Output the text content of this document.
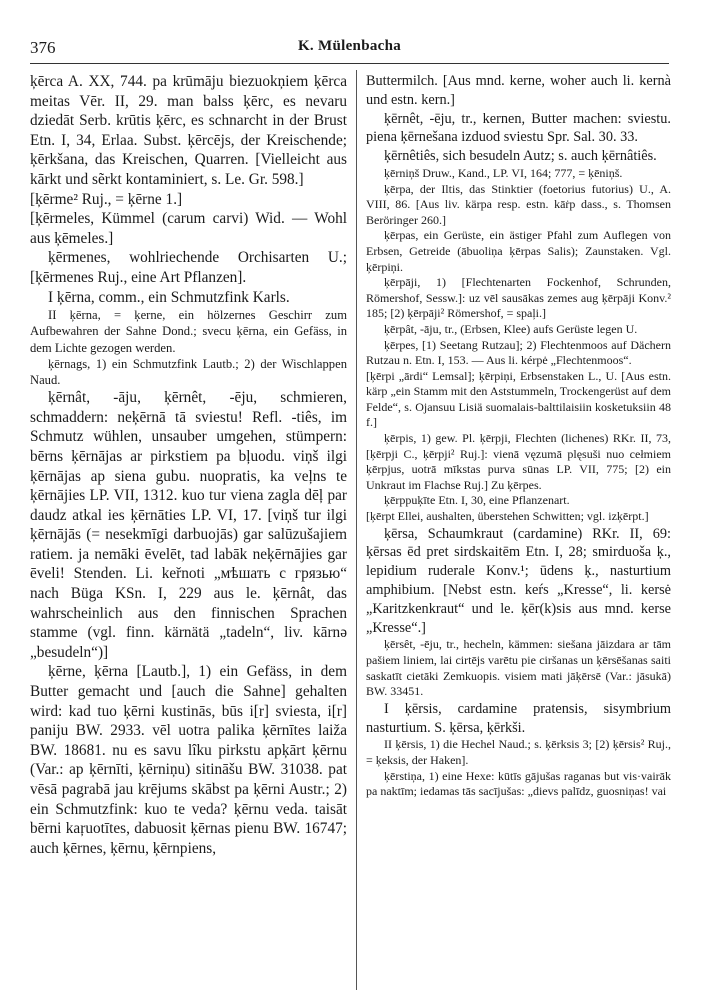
376	K. Mülenbacha

ķērca A. XX, 744. pa krūmāju biezuokņiem ķērca meitas Vēr. II, 29. man balss ķērc, es nevaru dziedāt Serb. krūtis ķērc, es schnarcht in der Brust Etn. I, 34, Erlaa. Subst. ķērcējs, der Kreischende; ķērkšana, das Kreischen, Quarren. [Vielleicht aus kārkt und sẽrkt kontaminiert, s. Le. Gr. 598.]

[ķērme² Ruj., = ķērne 1.]

[ķērmeles, Kümmel (carum carvi) Wid. — Wohl aus ķēmeles.]

ķērmenes, wohlriechende Orchisarten U.; [ķērmenes Ruj., eine Art Pflanzen].

I ķērna, comm., ein Schmutzfink Karls.

II ķērna, = ķerne, ein hölzernes Geschirr zum Aufbewahren der Sahne Dond.; svecu ķērna, ein Gefäss, in dem Lichte gezogen werden.

ķērnags, 1) ein Schmutzfink Lautb.; 2) der Wischlappen Naud.

ķērnât, -āju, ķērnêt, -ēju, schmieren, schmaddern: neķērnā tā sviestu! Refl. -tiês, im Schmutz wühlen, unsauber umgehen, stümpern: bērns ķērnājas ar pirkstiem pa bļuodu. viņš ilgi ķērnājas ap siena gubu. nuopratis, ka veļns te ķērnājies LP. VII, 1312. kuo tur viena zagla dēļ par daudz atkal ies ķērnāties LP. VI, 17. [viņš tur ilgi ķērnājās (= nesekmīgi darbuojās) gar salūzušajiem ratiem. ja nemāki ēvelēt, tad labāk neķērnājies gar ēveli! Stenden. Li. keřnoti „мѣшать с грязью“ nach Büga KSn. I, 229 aus le. ķērnât, das wahrscheinlich aus den finnischen Sprachen stamme (vgl. finn. kärnätä „tadeln“, liv. kārnə „besudeln“)]

ķērne, ķērna [Lautb.], 1) ein Gefäss, in dem Butter gemacht und [auch die Sahne] gehalten wird: kad tuo ķērni kustinās, būs i[r] sviesta, i[r] paniju BW. 2933. vēl uotra palika ķērnītes laiža BW. 18681. nu es savu lîku pirkstu apķārt ķērnu (Var.: ap ķērnīti, ķērniņu) sitināšu BW. 31038. pat vēsā pagrabā jau krējums skābst pa ķērni Austr.; 2) ein Schmutzfink: kuo te veda? ķērnu veda. taisāt bērni kaŗuotītes, dabuosit ķērnas pienu BW. 16747; auch ķērnes, ķērnu, ķērnpiens,

Buttermilch. [Aus mnd. kerne, woher auch li. kernà und estn. kern.]

ķērnêt, -ēju, tr., kernen, Butter machen: sviestu. piena ķērnešana izduod sviestu Spr. Sal. 30. 33.

ķērnêtiês, sich besudeln Autz; s. auch ķērnâtiês.

ķērniņš Druw., Kand., LP. VI, 164; 777, = ķēniņš.

ķērpa, der Iltis, das Stinktier (foetorius futorius) U., A. VIII, 86. [Aus liv. kärpa resp. estn. kāṙp dass., s. Thomsen Beröringer 260.]

ķērpas, ein Gerüste, ein ästiger Pfahl zum Auflegen von Erbsen, Getreide (ābuoliņa ķērpas Salis); Zaunstaken. Vgl. ķērpiņi.

ķērpāji, 1) [Flechtenarten Fockenhof, Schrunden, Römershof, Sessw.]: uz vēl sausākas zemes aug ķērpāji Konv.² 185; [2) ķērpāji² Römershof, = spaļi.]

ķērpât, -āju, tr., (Erbsen, Klee) aufs Gerüste legen U.

ķērpes, [1) Seetang Rutzau]; 2) Flechtenmoos auf Dächern Rutzau n. Etn. I, 153. — Aus li. kérpė „Flechtenmoos“.

[ķērpi „ārdi“ Lemsal]; ķērpiņi, Erbsenstaken L., U. [Aus estn. kärp „ein Stamm mit den Aststummeln, Trockengerüst auf dem Felde“, s. Ojansuu Lisiä suomalais-balttilaisiin kosketuksiin 48 f.]

ķērpis, 1) gew. Pl. ķērpji, Flechten (lichenes) RKr. II, 73, [ķērpji C., ķērpji² Ruj.]: vienā vęzumā plęsuši nuo cełmiem ķērpjus, uotrā mīkstas purva sūnas LP. VII, 775; [2) ein Unkraut im Flachse Ruj.] Zu ķērpes.

ķērppuķīte Etn. I, 30, eine Pflanzenart.

[ķērpt Ellei, aushalten, überstehen Schwitten; vgl. izķērpt.]

ķērsa, Schaumkraut (cardamine) RKr. II, 69: ķērsas ēd pret sirdskaitēm Etn. I, 28; smirduoša ķ., lepidium ruderale Konv.¹; ūdens ķ., nasturtium amphibium. [Nebst estn. keŕs „Kresse“, li. kersė „Karitzkenkraut“ und le. ķēr(k)sis aus mnd. kerse „Kresse“.]

ķērsêt, -ēju, tr., hecheln, kämmen: siešana jāizdara ar tām pašiem liniem, lai cirtējs varētu pie ciršanas un ķērsēšanas saiti saskatīt cietāki Zemkuopis. visiem mati jāķērsē (Var.: jāsukā) BW. 33451.

I ķērsis, cardamine pratensis, sisymbrium nasturtium. S. ķērsa, ķērkši.

II ķērsis, 1) die Hechel Naud.; s. ķērksis 3; [2) ķērsis² Ruj., = ķeksis, der Haken].

ķērstiņa, 1) eine Hexe: kūtīs gājušas raganas but vis·vairāk pa naktīm; iedamas tās sacījušas: „dievs palīdz, guosniņas! vai
